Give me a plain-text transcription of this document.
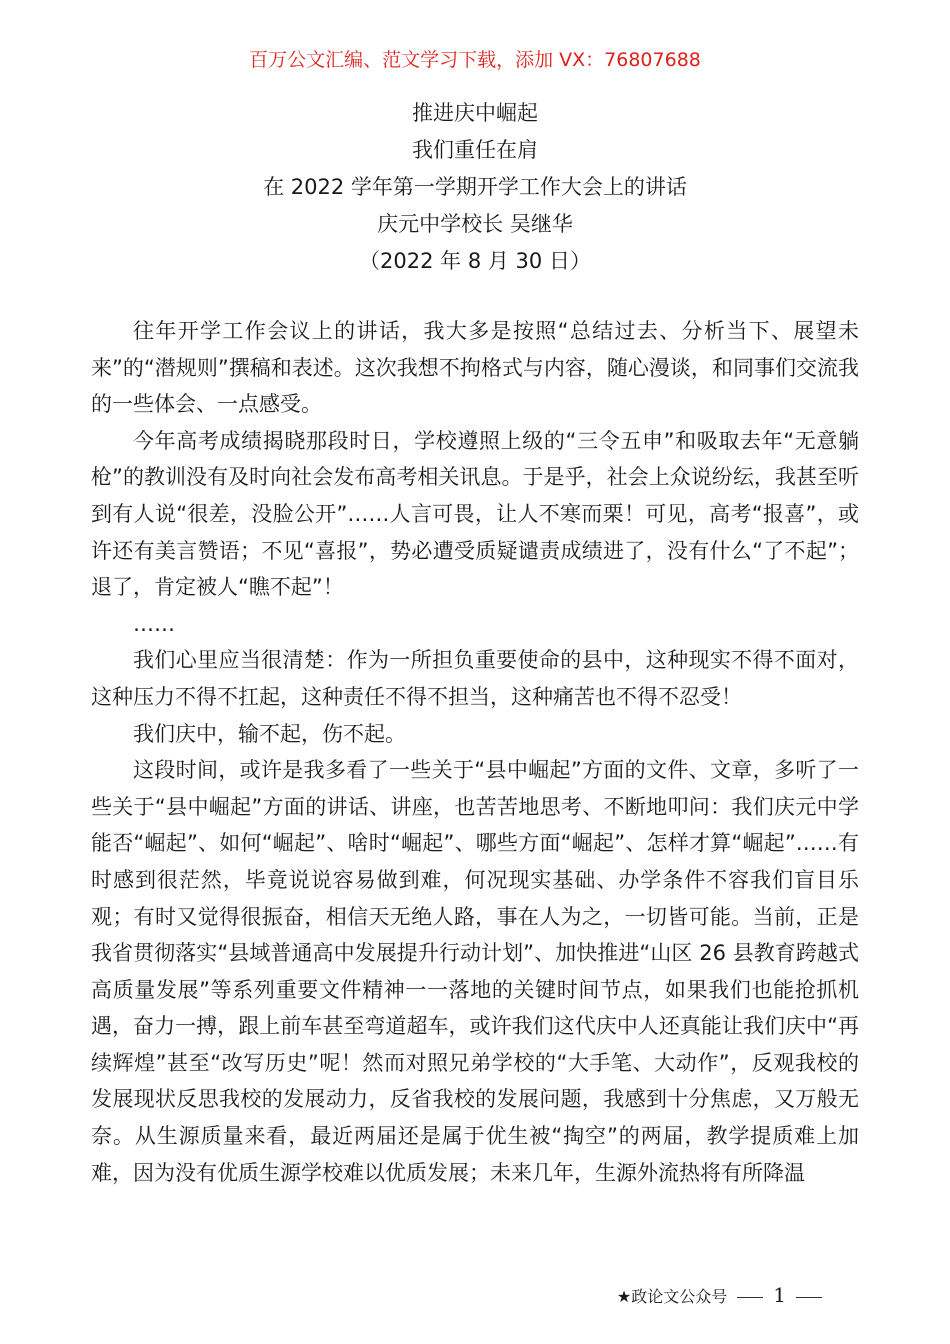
百万公文汇编、范文学习下载，添加 VX：76807688
推进庆中崛起
我们重任在肩
在 2022 学年第一学期开学工作大会上的讲话
庆元中学校长 吴继华
（2022 年 8 月 30 日）

往年开学工作会议上的讲话，我大多是按照“总结过去、分析当下、展望未来”的“潜规则”撰稿和表述。这次我想不拘格式与内容，随心漫谈，和同事们交流我的一些体会、一点感受。

今年高考成绩揭晓那段时日，学校遵照上级的“三令五申”和吸取去年“无意躺枪”的教训没有及时向社会发布高考相关讯息。于是乎，社会上众说纷纭，我甚至听到有人说“很差，没脸公开”……人言可畏，让人不寒而栗！可见，高考“报喜”，或许还有美言赞语；不见“喜报”，势必遭受质疑谴责成绩进了，没有什么“了不起”；退了，肯定被人“瞧不起”！

……

我们心里应当很清楚：作为一所担负重要使命的县中，这种现实不得不面对，这种压力不得不扛起，这种责任不得不担当，这种痛苦也不得不忍受！

我们庆中，输不起，伤不起。

这段时间，或许是我多看了一些关于“县中崛起”方面的文件、文章，多听了一些关于“县中崛起”方面的讲话、讲座，也苦苦地思考、不断地叩问：我们庆元中学能否“崛起”、如何“崛起”、啥时“崛起”、哪些方面“崛起”、怎样才算“崛起”……有时感到很茫然，毕竟说说容易做到难，何况现实基础、办学条件不容我们盲目乐观；有时又觉得很振奋，相信天无绝人路，事在人为之，一切皆可能。当前，正是我省贯彻落实“县域普通高中发展提升行动计划”、加快推进“山区 26 县教育跨越式高质量发展”等系列重要文件精神一一落地的关键时间节点，如果我们也能抢抓机遇，奋力一搏，跟上前车甚至弯道超车，或许我们这代庆中人还真能让我们庆中“再续辉煌”甚至“改写历史”呢！然而对照兄弟学校的“大手笔、大动作”，反观我校的发展现状反思我校的发展动力，反省我校的发展问题，我感到十分焦虑，又万般无奈。从生源质量来看，最近两届还是属于优生被“掏空”的两届，教学提质难上加难，因为没有优质生源学校难以优质发展；未来几年，生源外流热将有所降温

★政论文公众号 1
